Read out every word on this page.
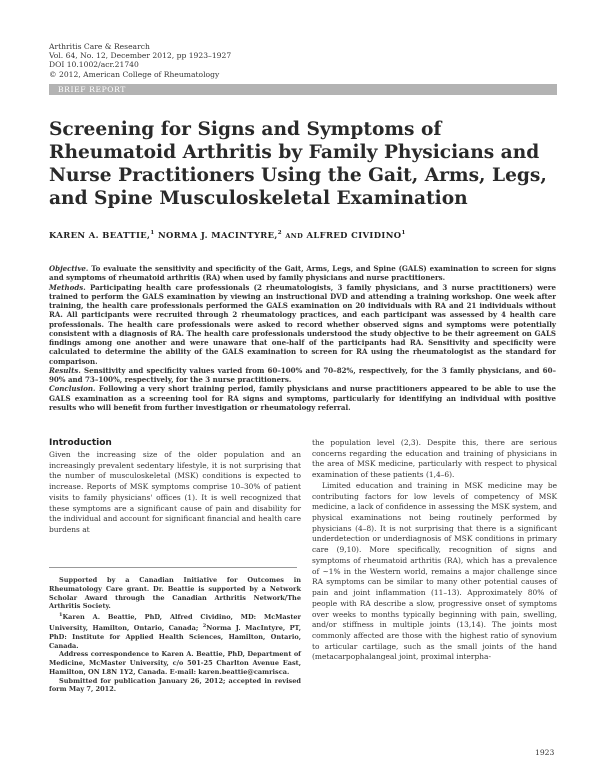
Arthritis Care & Research
Vol. 64, No. 12, December 2012, pp 1923–1927
DOI 10.1002/acr.21740
© 2012, American College of Rheumatology
BRIEF REPORT
Screening for Signs and Symptoms of Rheumatoid Arthritis by Family Physicians and Nurse Practitioners Using the Gait, Arms, Legs, and Spine Musculoskeletal Examination
KAREN A. BEATTIE,$^1$ NORMA J. MACINTYRE,$^2$ AND ALFRED CIVIDINO$^1$

Objective. To evaluate the sensitivity and specificity of the Gait, Arms, Legs, and Spine (GALS) examination to screen for signs and symptoms of rheumatoid arthritis (RA) when used by family physicians and nurse practitioners.

Methods. Participating health care professionals (2 rheumatologists, 3 family physicians, and 3 nurse practitioners) were trained to perform the GALS examination by viewing an instructional DVD and attending a training workshop. One week after training, the health care professionals performed the GALS examination on 20 individuals with RA and 21 individuals without RA. All participants were recruited through 2 rheumatology practices, and each participant was assessed by 4 health care professionals. The health care professionals were asked to record whether observed signs and symptoms were potentially consistent with a diagnosis of RA. The health care professionals understood the study objective to be their agreement on GALS findings among one another and were unaware that one-half of the participants had RA. Sensitivity and specificity were calculated to determine the ability of the GALS examination to screen for RA using the rheumatologist as the standard for comparison.

Results. Sensitivity and specificity values varied from 60–100% and 70–82%, respectively, for the 3 family physicians, and 60–90% and 73–100%, respectively, for the 3 nurse practitioners.

Conclusion. Following a very short training period, family physicians and nurse practitioners appeared to be able to use the GALS examination as a screening tool for RA signs and symptoms, particularly for identifying an individual with positive results who will benefit from further investigation or rheumatology referral.

Introduction

Given the increasing size of the older population and an increasingly prevalent sedentary lifestyle, it is not surprising that the number of musculoskeletal (MSK) conditions is expected to increase. Reports of MSK symptoms comprise 10–30% of patient visits to family physicians' offices (1). It is well recognized that these symptoms are a significant cause of pain and disability for the individual and account for significant financial and health care burdens at

Supported by a Canadian Initiative for Outcomes in Rheumatology Care grant. Dr. Beattie is supported by a Network Scholar Award through the Canadian Arthritis Network/The Arthritis Society.

$^1$Karen A. Beattie, PhD, Alfred Cividino, MD: McMaster University, Hamilton, Ontario, Canada; $^2$Norma J. MacIntyre, PT, PhD: Institute for Applied Health Sciences, Hamilton, Ontario, Canada.

Address correspondence to Karen A. Beattie, PhD, Department of Medicine, McMaster University, c/o 501-25 Charlton Avenue East, Hamilton, ON L8N 1Y2, Canada. E-mail: karen.beattie@camrisca.

Submitted for publication January 26, 2012; accepted in revised form May 7, 2012.

the population level (2,3). Despite this, there are serious concerns regarding the education and training of physicians in the area of MSK medicine, particularly with respect to physical examination of these patients (1,4–6).

Limited education and training in MSK medicine may be contributing factors for low levels of competency of MSK medicine, a lack of confidence in assessing the MSK system, and physical examinations not being routinely performed by physicians (4–8). It is not surprising that there is a significant underdetection or underdiagnosis of MSK conditions in primary care (9,10). More specifically, recognition of signs and symptoms of rheumatoid arthritis (RA), which has a prevalence of ~1% in the Western world, remains a major challenge since RA symptoms can be similar to many other potential causes of pain and joint inflammation (11–13). Approximately 80% of people with RA describe a slow, progressive onset of symptoms over weeks to months typically beginning with pain, swelling, and/or stiffness in multiple joints (13,14). The joints most commonly affected are those with the highest ratio of synovium to articular cartilage, such as the small joints of the hand (metacarpophalangeal joint, proximal interpha-

1923
